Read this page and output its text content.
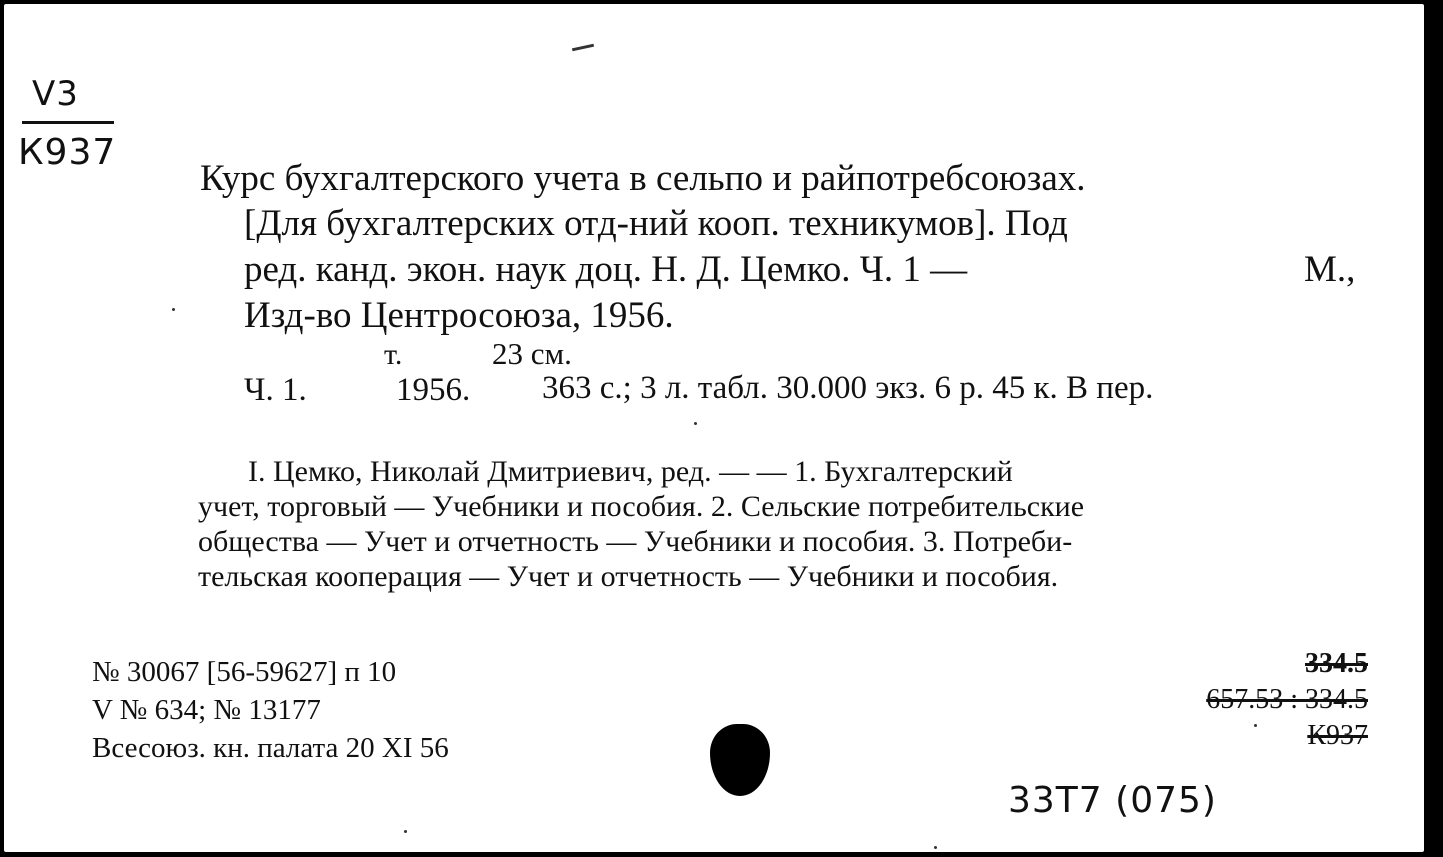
V3
К937
Курс бухгалтерского учета в сельпо и райпотребсоюзах.
[Для бухгалтерских отд-ний кооп. техникумов]. Под
ред. канд. экон. наук доц. Н. Д. Цемко. Ч. 1 —	М.,
Изд-во Центросоюза, 1956.
т.	23 см.
Ч. 1.	1956. 363 с.; 3 л. табл. 30.000 экз. 6 р. 45 к. В пер.
I. Цемко, Николай Дмитриевич, ред. — — 1. Бухгалтерский
учет, торговый — Учебники и пособия. 2. Сельские потребительские
общества — Учет и отчетность — Учебники и пособия. 3. Потреби-
тельская кооперация — Учет и отчетность — Учебники и пособия.
№ 30067 [56-59627] п 10
V № 634; № 13177
Всесоюз. кн. палата 20 XI 56
334.5
657.53 : 334.5
К937
33Т7 (075)
